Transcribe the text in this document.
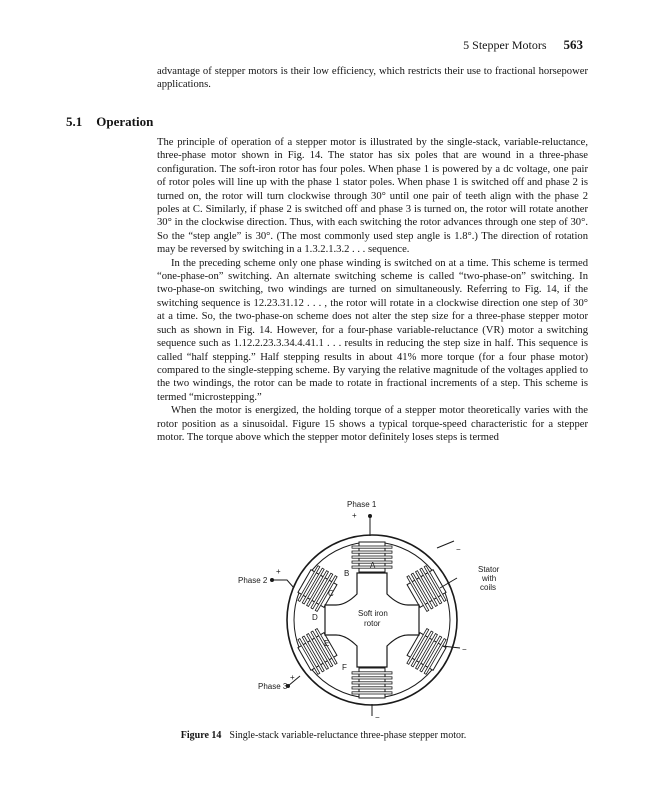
5 Stepper Motors 563

advantage of stepper motors is their low efficiency, which restricts their use to fractional horsepower applications.

5.1 Operation

The principle of operation of a stepper motor is illustrated by the single-stack, variable-reluctance, three-phase motor shown in Fig. 14. The stator has six poles that are wound in a three-phase configuration. The soft-iron rotor has four poles. When phase 1 is powered by a dc voltage, one pair of rotor poles will line up with the phase 1 stator poles. When phase 1 is switched off and phase 2 is turned on, the rotor will turn clockwise through 30° until one pair of teeth align with the phase 2 poles at C. Similarly, if phase 2 is switched off and phase 3 is turned on, the rotor will rotate another 30° in the clockwise direction. Thus, with each switching the rotor advances through one step of 30°. So the “step angle” is 30°. (The most commonly used step angle is 1.8°.) The direction of rotation may be reversed by switching in a 1.3.2.1.3.2 . . . sequence.

In the preceding scheme only one phase winding is switched on at a time. This scheme is termed “one-phase-on” switching. An alternate switching scheme is called “two-phase-on” switching. In two-phase-on switching, two windings are turned on simultaneously. Referring to Fig. 14, if the switching sequence is 12.23.31.12 . . . , the rotor will rotate in a clockwise direction one step of 30° at a time. So, the two-phase-on scheme does not alter the step size for a three-phase stepper motor such as shown in Fig. 14. However, for a four-phase variable-reluctance (VR) motor a switching sequence such as 1.12.2.23.3.34.4.41.1 . . . results in reducing the step size in half. This sequence is called “half stepping.” Half stepping results in about 41% more torque (for a four phase motor) compared to the single-stepping scheme. By varying the relative magnitude of the voltages applied to the two windings, the rotor can be made to rotate in fractional increments of a step. This scheme is termed “microstepping.”

When the motor is energized, the holding torque of a stepper motor theoretically varies with the rotor position as a sinusoidal. Figure 15 shows a typical torque-speed characteristic for a stepper motor. The torque above which the stepper motor definitely loses steps is termed

Phase 1
+
−
Phase 2
+
−
Phase 3
+
−
Stator
with
coils
Soft iron
rotor
A
B
C
D
E
F
Figure 14 Single-stack variable-reluctance three-phase stepper motor.
